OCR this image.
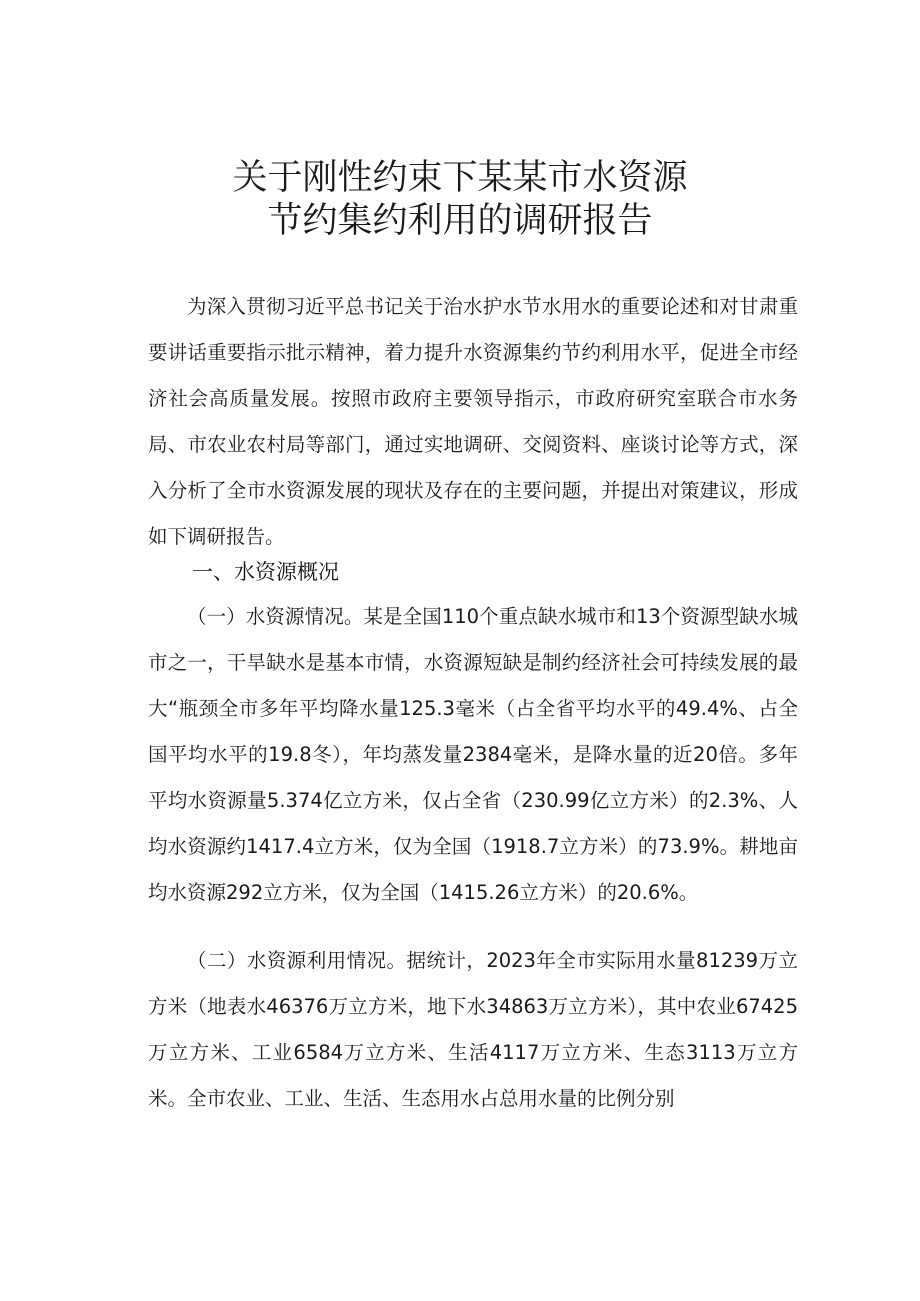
关于刚性约束下某某市水资源
节约集约利用的调研报告

为深入贯彻习近平总书记关于治水护水节水用水的重要论述和对甘肃重要讲话重要指示批示精神，着力提升水资源集约节约利用水平，促进全市经济社会高质量发展。按照市政府主要领导指示，市政府研究室联合市水务局、市农业农村局等部门，通过实地调研、交阅资料、座谈讨论等方式，深入分析了全市水资源发展的现状及存在的主要问题，并提出对策建议，形成如下调研报告。

一、水资源概况

（一）水资源情况。某是全国110个重点缺水城市和13个资源型缺水城市之一，干旱缺水是基本市情，水资源短缺是制约经济社会可持续发展的最大“瓶颈全市多年平均降水量125.3毫米（占全省平均水平的49.4%、占全国平均水平的19.8冬），年均蒸发量2384毫米，是降水量的近20倍。多年平均水资源量5.374亿立方米，仅占全省（230.99亿立方米）的2.3%、人均水资源约1417.4立方米，仅为全国（1918.7立方米）的73.9%。耕地亩均水资源292立方米，仅为全国（1415.26立方米）的20.6%。

（二）水资源利用情况。据统计，2023年全市实际用水量81239万立方米（地表水46376万立方米，地下水34863万立方米），其中农业67425万立方米、工业6584万立方米、生活4117万立方米、生态3113万立方米。全市农业、工业、生活、生态用水占总用水量的比例分别
